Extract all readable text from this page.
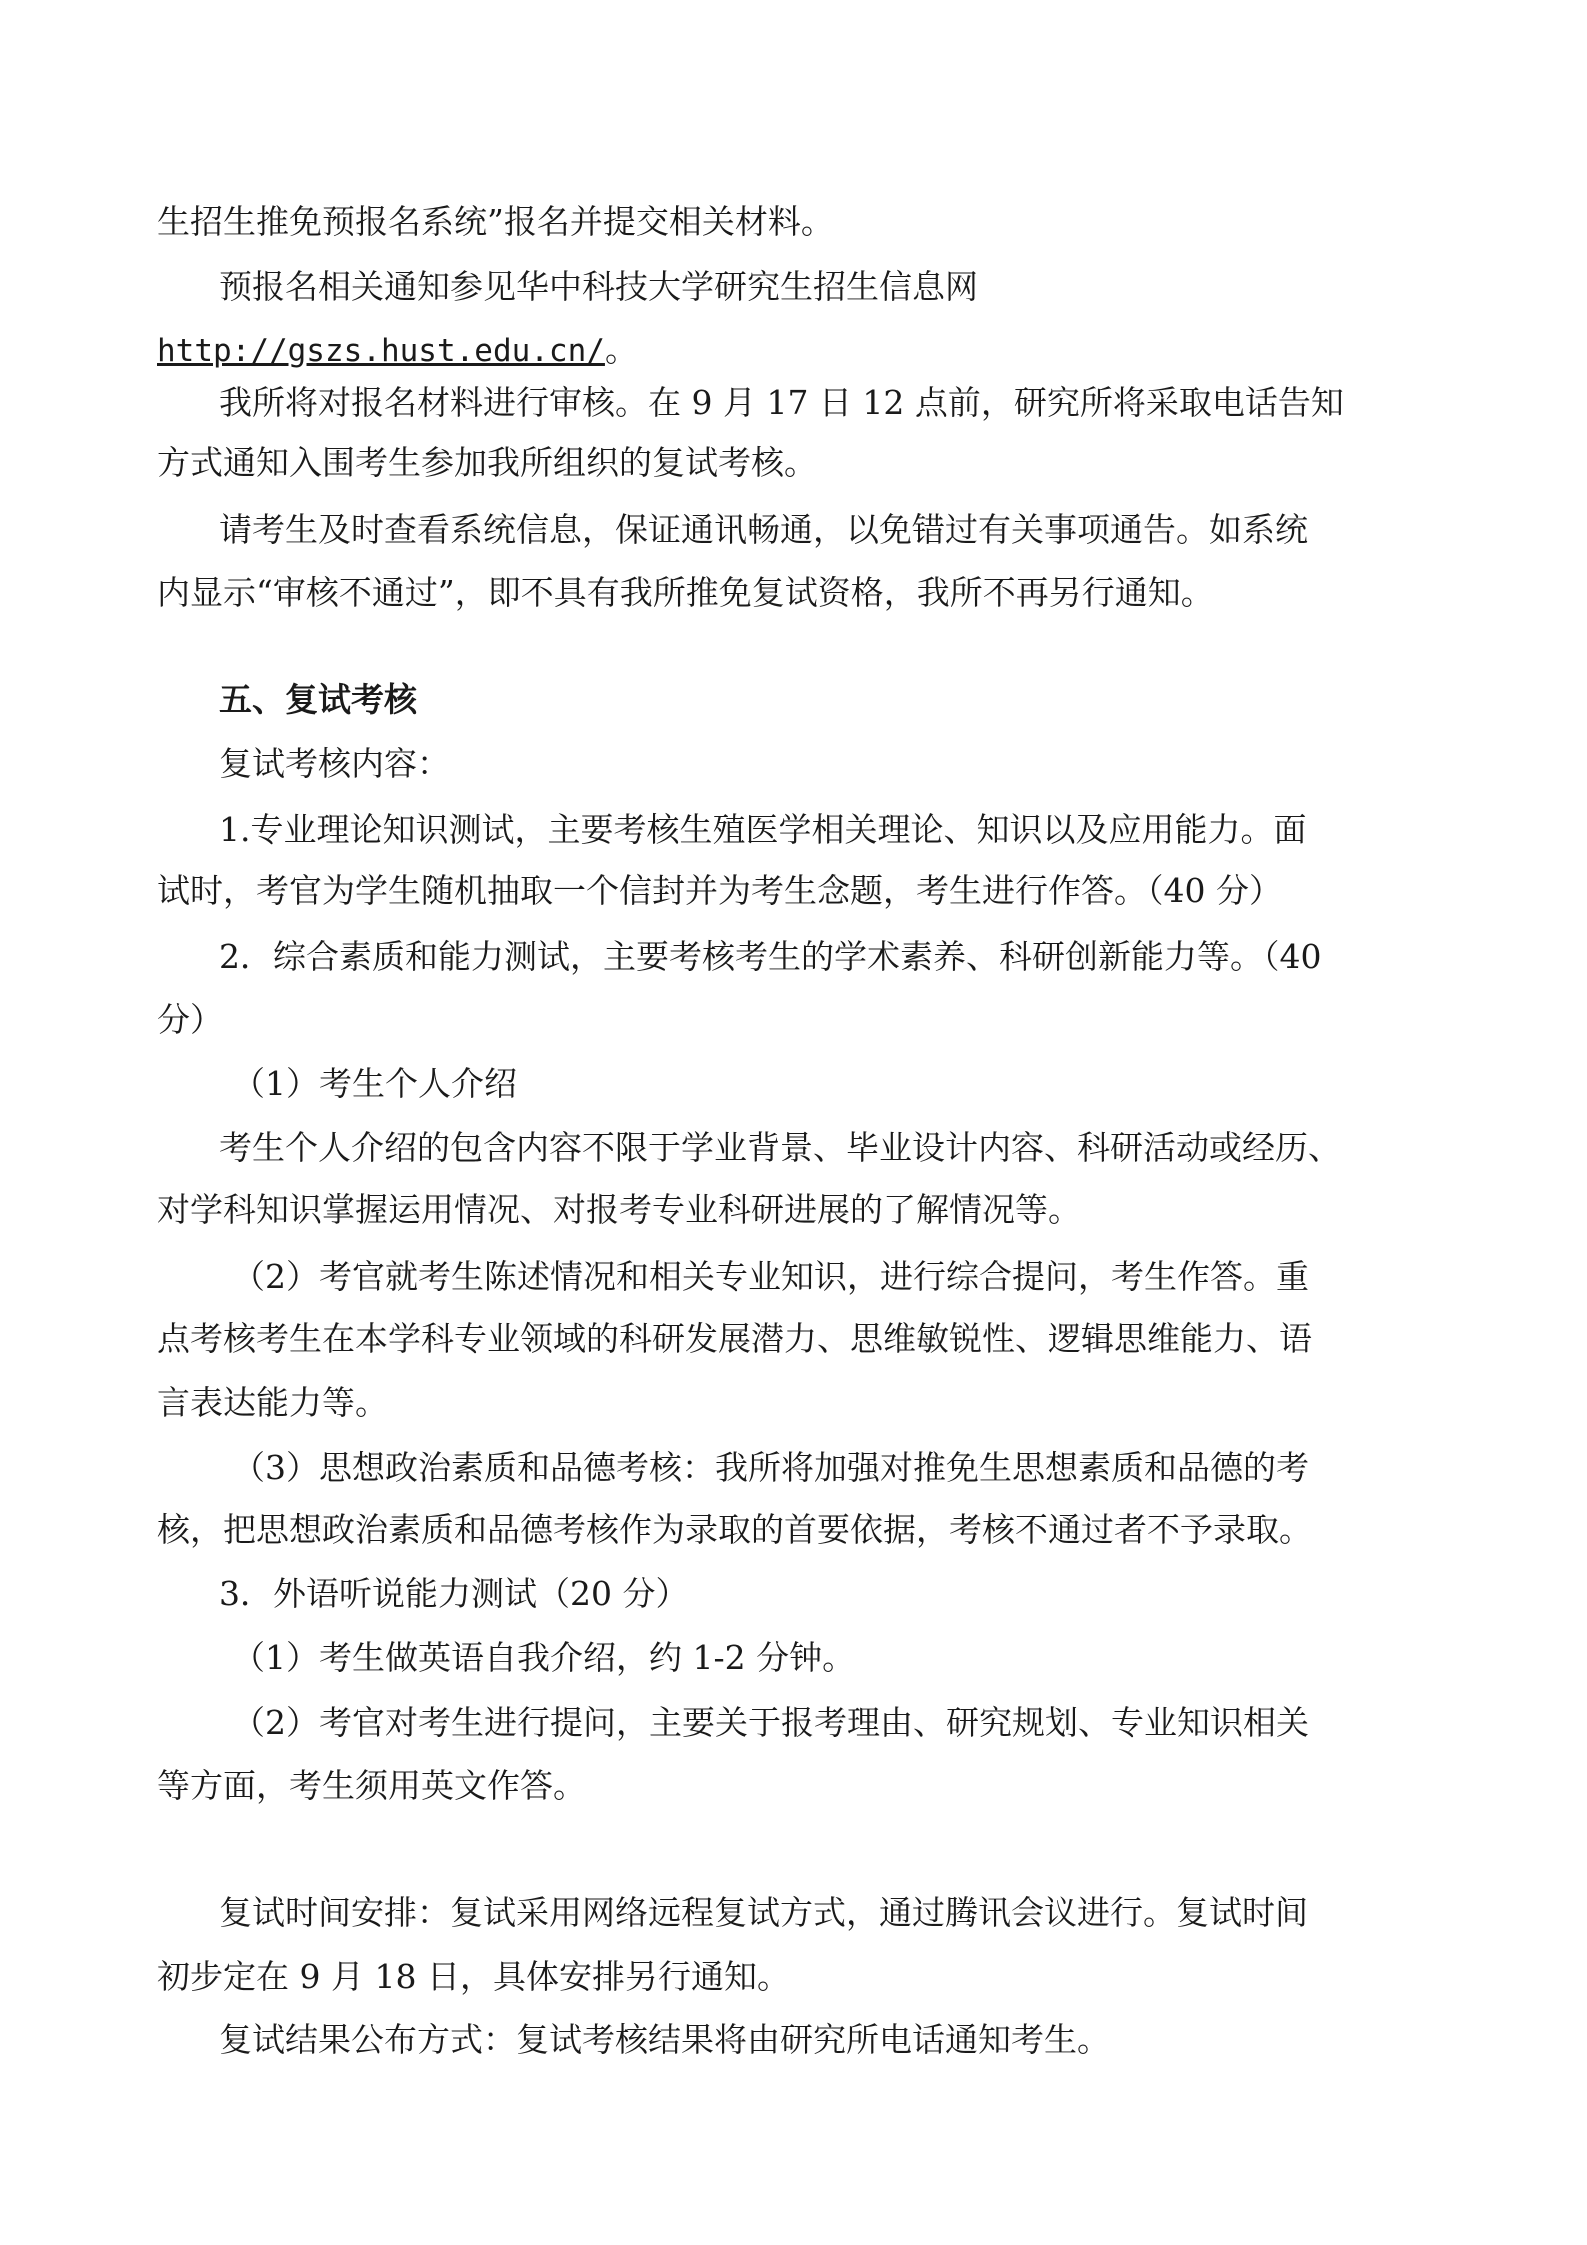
生招生推免预报名系统”报名并提交相关材料。
预报名相关通知参见华中科技大学研究生招生信息网
http://gszs.hust.edu.cn/。
我所将对报名材料进行审核。在 9 月 17 日 12 点前，研究所将采取电话告知
方式通知入围考生参加我所组织的复试考核。
请考生及时查看系统信息，保证通讯畅通，以免错过有关事项通告。如系统
内显示“审核不通过”，即不具有我所推免复试资格，我所不再另行通知。
五、复试考核
复试考核内容：
1.专业理论知识测试，主要考核生殖医学相关理论、知识以及应用能力。面
试时，考官为学生随机抽取一个信封并为考生念题，考生进行作答。（40 分）
2．综合素质和能力测试，主要考核考生的学术素养、科研创新能力等。（40
分）
（1）考生个人介绍
考生个人介绍的包含内容不限于学业背景、毕业设计内容、科研活动或经历、
对学科知识掌握运用情况、对报考专业科研进展的了解情况等。
（2）考官就考生陈述情况和相关专业知识，进行综合提问，考生作答。重
点考核考生在本学科专业领域的科研发展潜力、思维敏锐性、逻辑思维能力、语
言表达能力等。
（3）思想政治素质和品德考核：我所将加强对推免生思想素质和品德的考
核，把思想政治素质和品德考核作为录取的首要依据，考核不通过者不予录取。
3．外语听说能力测试（20 分）
（1）考生做英语自我介绍，约 1-2 分钟。
（2）考官对考生进行提问，主要关于报考理由、研究规划、专业知识相关
等方面，考生须用英文作答。
复试时间安排：复试采用网络远程复试方式，通过腾讯会议进行。复试时间
初步定在 9 月 18 日，具体安排另行通知。
复试结果公布方式：复试考核结果将由研究所电话通知考生。
